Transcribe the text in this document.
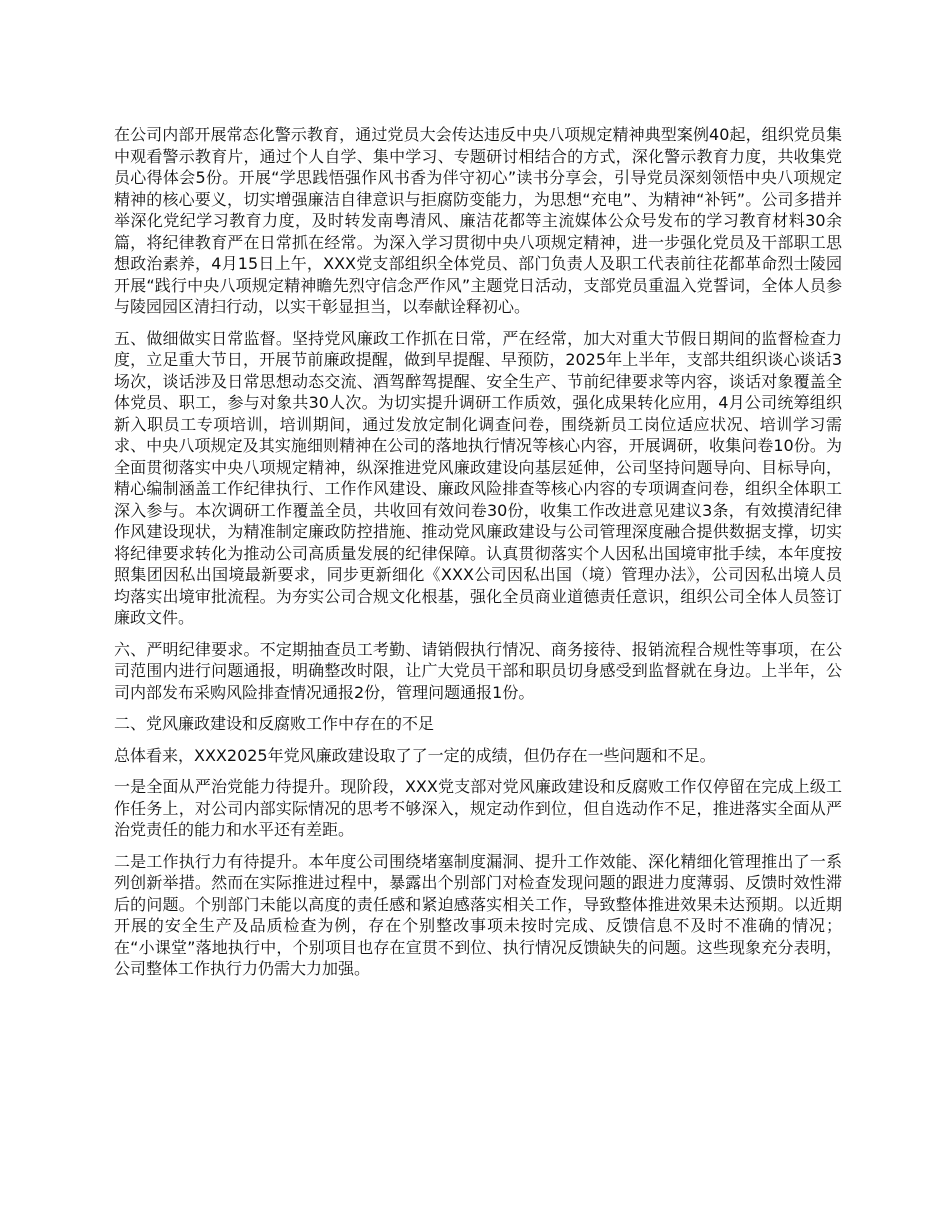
在公司内部开展常态化警示教育，通过党员大会传达违反中央八项规定精神典型案例40起，组织党员集中观看警示教育片，通过个人自学、集中学习、专题研讨相结合的方式，深化警示教育力度，共收集党员心得体会5份。开展“学思践悟强作风书香为伴守初心”读书分享会，引导党员深刻领悟中央八项规定精神的核心要义，切实增强廉洁自律意识与拒腐防变能力，为思想“充电”、为精神“补钙”。公司多措并举深化党纪学习教育力度，及时转发南粤清风、廉洁花都等主流媒体公众号发布的学习教育材料30余篇，将纪律教育严在日常抓在经常。为深入学习贯彻中央八项规定精神，进一步强化党员及干部职工思想政治素养，4月15日上午，XXX党支部组织全体党员、部门负责人及职工代表前往花都革命烈士陵园开展“践行中央八项规定精神瞻先烈守信念严作风”主题党日活动，支部党员重温入党誓词，全体人员参与陵园园区清扫行动，以实干彰显担当，以奉献诠释初心。

五、做细做实日常监督。坚持党风廉政工作抓在日常，严在经常，加大对重大节假日期间的监督检查力度，立足重大节日，开展节前廉政提醒，做到早提醒、早预防，2025年上半年，支部共组织谈心谈话3场次，谈话涉及日常思想动态交流、酒驾醉驾提醒、安全生产、节前纪律要求等内容，谈话对象覆盖全体党员、职工，参与对象共30人次。为切实提升调研工作质效，强化成果转化应用，4月公司统筹组织新入职员工专项培训，培训期间，通过发放定制化调查问卷，围绕新员工岗位适应状况、培训学习需求、中央八项规定及其实施细则精神在公司的落地执行情况等核心内容，开展调研，收集问卷10份。为全面贯彻落实中央八项规定精神，纵深推进党风廉政建设向基层延伸，公司坚持问题导向、目标导向，精心编制涵盖工作纪律执行、工作作风建设、廉政风险排查等核心内容的专项调查问卷，组织全体职工深入参与。本次调研工作覆盖全员，共收回有效问卷30份，收集工作改进意见建议3条，有效摸清纪律作风建设现状，为精准制定廉政防控措施、推动党风廉政建设与公司管理深度融合提供数据支撑，切实将纪律要求转化为推动公司高质量发展的纪律保障。认真贯彻落实个人因私出国境审批手续，本年度按照集团因私出国境最新要求，同步更新细化《XXX公司因私出国（境）管理办法》，公司因私出境人员均落实出境审批流程。为夯实公司合规文化根基，强化全员商业道德责任意识，组织公司全体人员签订廉政文件。

六、严明纪律要求。不定期抽查员工考勤、请销假执行情况、商务接待、报销流程合规性等事项，在公司范围内进行问题通报，明确整改时限，让广大党员干部和职员切身感受到监督就在身边。上半年，公司内部发布采购风险排查情况通报2份，管理问题通报1份。

二、党风廉政建设和反腐败工作中存在的不足

总体看来，XXX2025年党风廉政建设取了了一定的成绩，但仍存在一些问题和不足。

一是全面从严治党能力待提升。现阶段，XXX党支部对党风廉政建设和反腐败工作仅停留在完成上级工作任务上，对公司内部实际情况的思考不够深入，规定动作到位，但自选动作不足，推进落实全面从严治党责任的能力和水平还有差距。

二是工作执行力有待提升。本年度公司围绕堵塞制度漏洞、提升工作效能、深化精细化管理推出了一系列创新举措。然而在实际推进过程中，暴露出个别部门对检查发现问题的跟进力度薄弱、反馈时效性滞后的问题。个别部门未能以高度的责任感和紧迫感落实相关工作，导致整体推进效果未达预期。以近期开展的安全生产及品质检查为例，存在个别整改事项未按时完成、反馈信息不及时不准确的情况；在“小课堂”落地执行中，个别项目也存在宣贯不到位、执行情况反馈缺失的问题。这些现象充分表明，公司整体工作执行力仍需大力加强。
